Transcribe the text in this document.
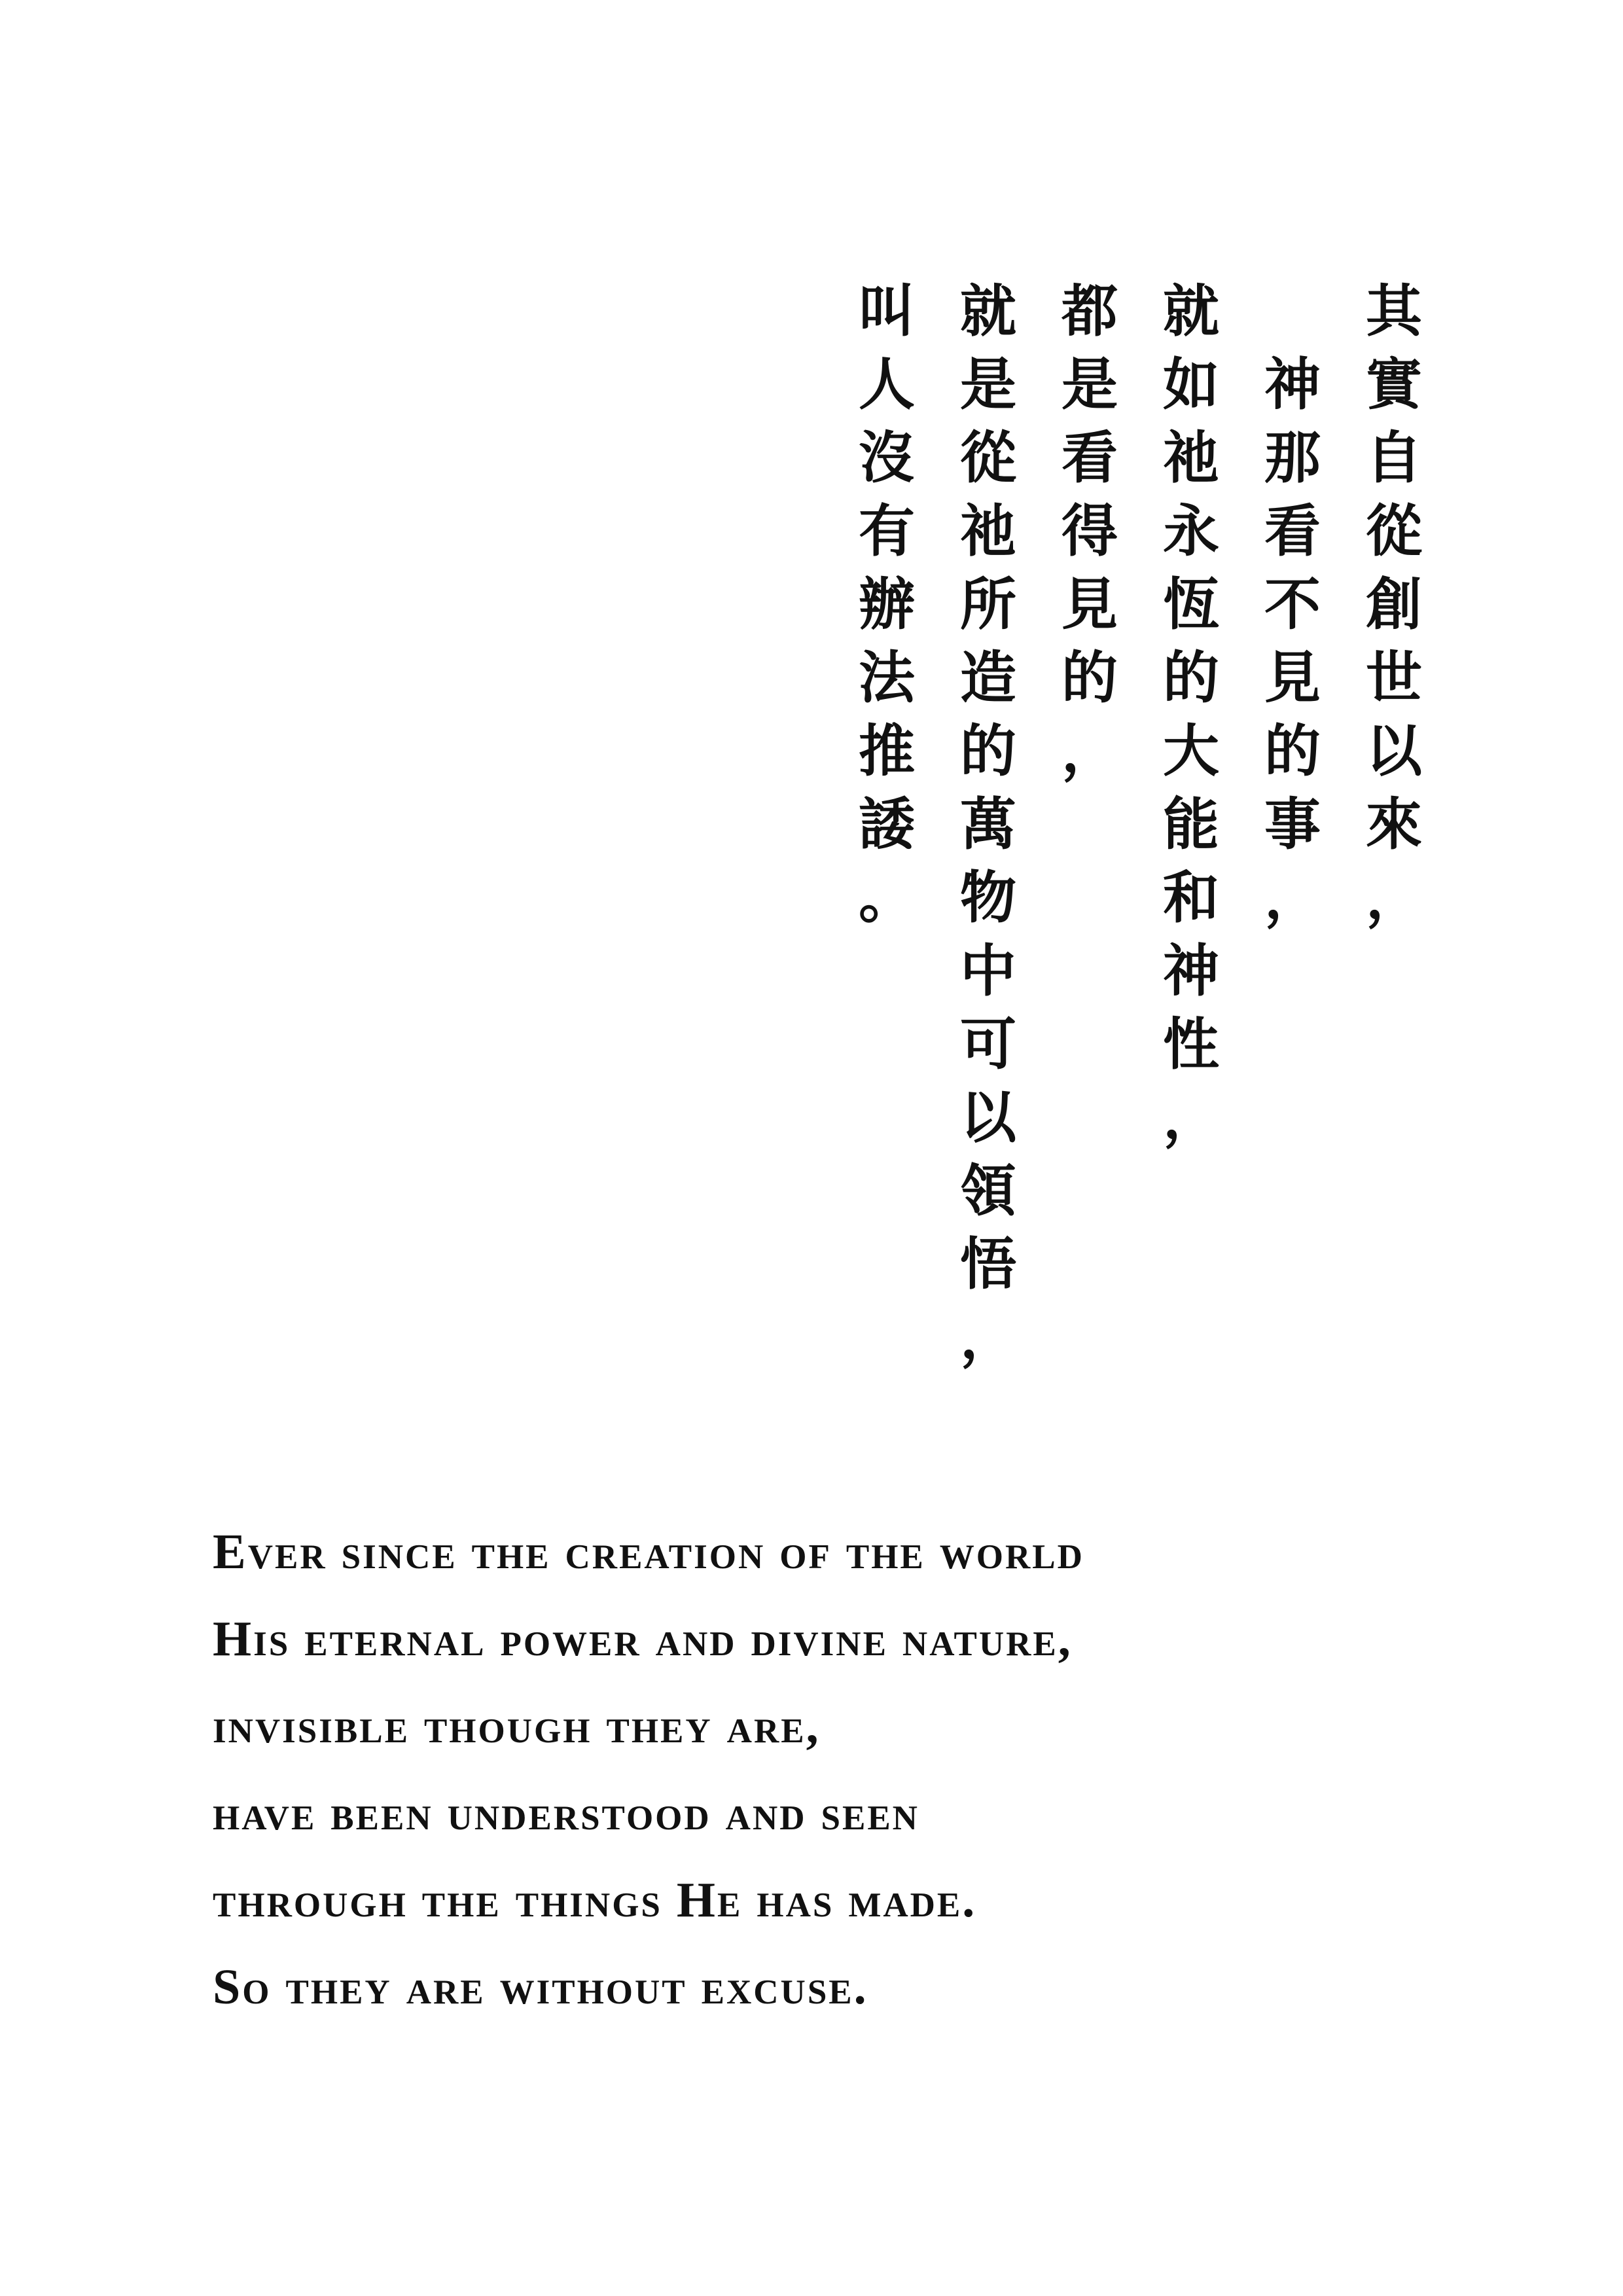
其
實
自
從
創
世
以
來
，
神
那
看
不
見
的
事
，
就
如
祂
永
恆
的
大
能
和
神
性
，
都
是
看
得
見
的
，
就
是
從
祂
所
造
的
萬
物
中
可
以
領
悟
，
叫
人
沒
有
辦
法
推
諉
。
Ever since the creation of the world
His eternal power and divine nature,
invisible though they are,
have been understood and seen
through the things He has made.
So they are without excuse.
